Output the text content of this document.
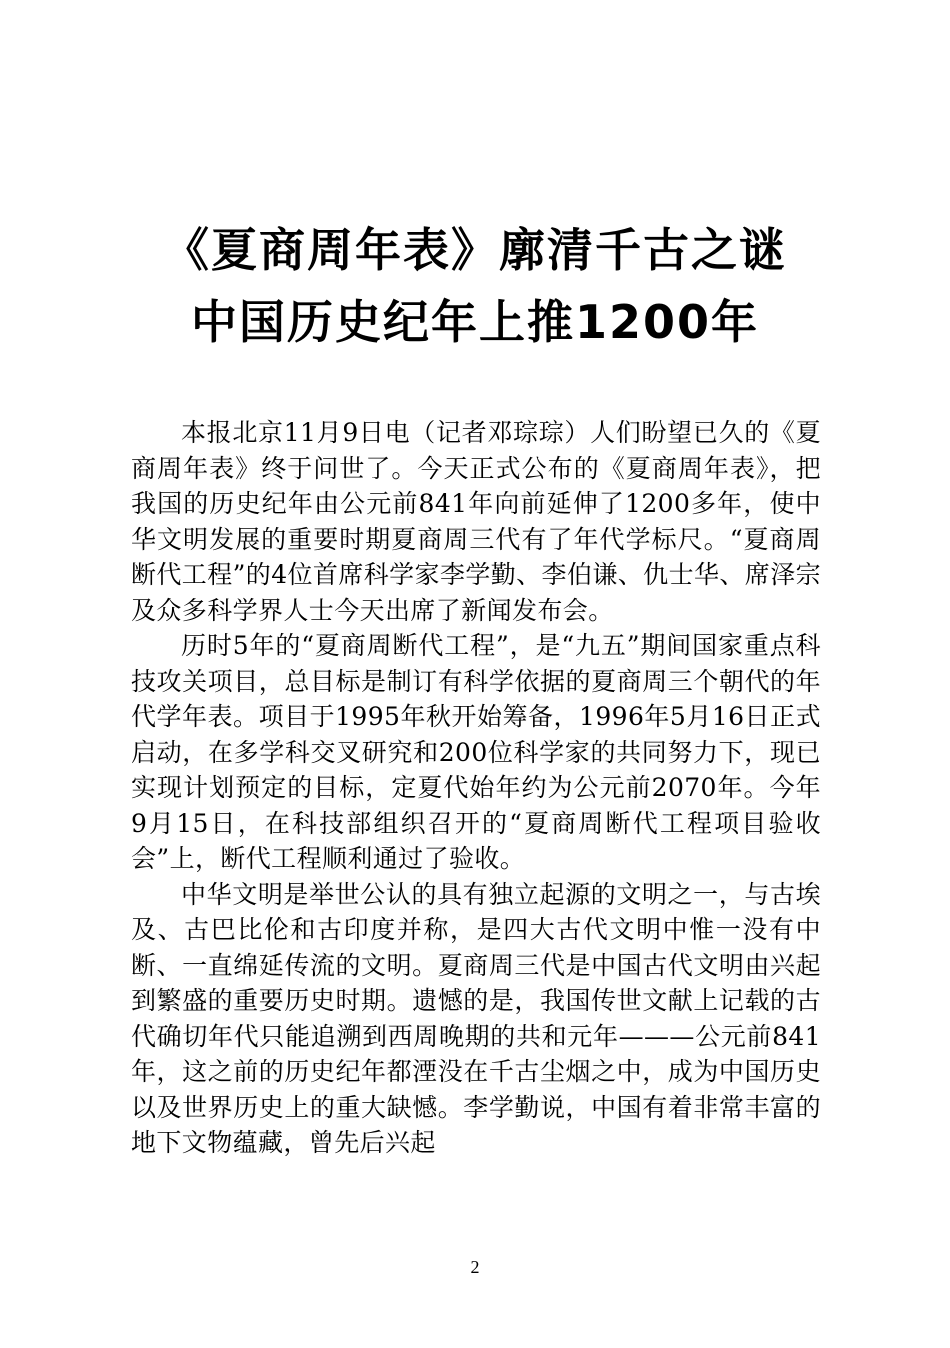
《夏商周年表》廓清千古之谜
中国历史纪年上推1200年

本报北京11月9日电（记者邓琮琮）人们盼望已久的《夏商周年表》终于问世了。今天正式公布的《夏商周年表》，把我国的历史纪年由公元前841年向前延伸了1200多年，使中华文明发展的重要时期夏商周三代有了年代学标尺。“夏商周断代工程”的4位首席科学家李学勤、李伯谦、仇士华、席泽宗及众多科学界人士今天出席了新闻发布会。

历时5年的“夏商周断代工程”，是“九五”期间国家重点科技攻关项目，总目标是制订有科学依据的夏商周三个朝代的年代学年表。项目于1995年秋开始筹备，1996年5月16日正式启动，在多学科交叉研究和200位科学家的共同努力下，现已实现计划预定的目标，定夏代始年约为公元前2070年。今年9月15日，在科技部组织召开的“夏商周断代工程项目验收会”上，断代工程顺利通过了验收。

中华文明是举世公认的具有独立起源的文明之一，与古埃及、古巴比伦和古印度并称，是四大古代文明中惟一没有中断、一直绵延传流的文明。夏商周三代是中国古代文明由兴起到繁盛的重要历史时期。遗憾的是，我国传世文献上记载的古代确切年代只能追溯到西周晚期的共和元年———公元前841年，这之前的历史纪年都湮没在千古尘烟之中，成为中国历史以及世界历史上的重大缺憾。李学勤说，中国有着非常丰富的地下文物蕴藏，曾先后兴起

2
